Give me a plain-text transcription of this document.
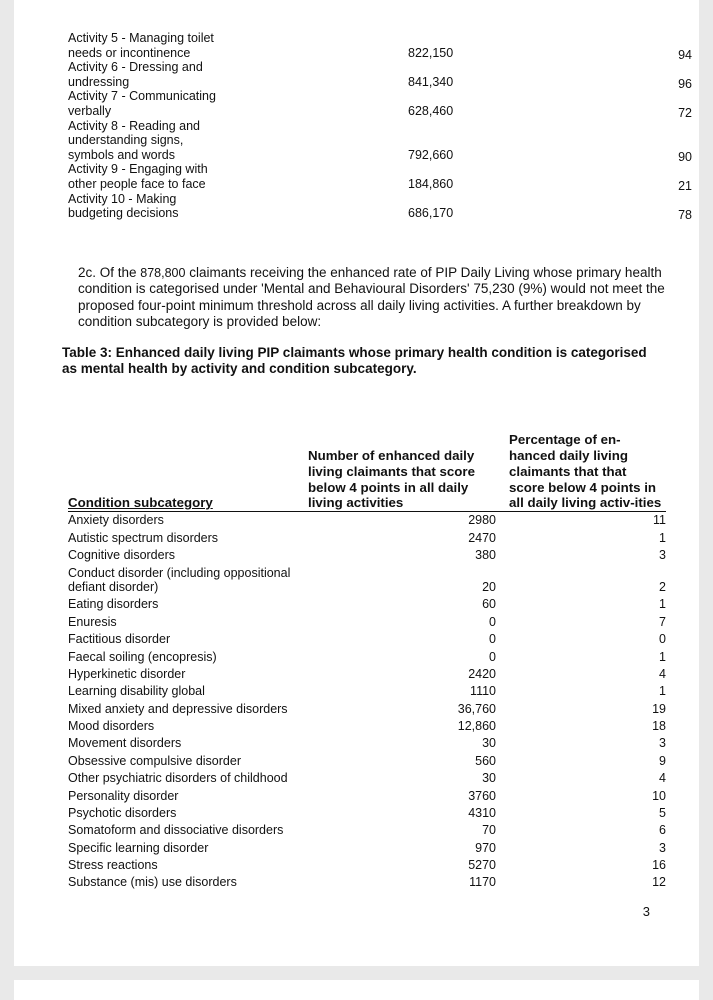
Activity 5 - Managing toilet needs or incontinence	822,150	94
Activity 6 - Dressing and undressing	841,340	96
Activity 7 - Communicating verbally	628,460	72
Activity 8 - Reading and understanding signs, symbols and words	792,660	90
Activity 9 - Engaging with other people face to face	184,860	21
Activity 10 - Making budgeting decisions	686,170	78

2c. Of the 878,800 claimants receiving the enhanced rate of PIP Daily Living whose primary health condition is categorised under 'Mental and Behavioural Disorders' 75,230 (9%) would not meet the proposed four-point minimum threshold across all daily living activities. A further breakdown by condition subcategory is provided below:

Table 3: Enhanced daily living PIP claimants whose primary health condition is categorised as mental health by activity and condition subcategory.

Condition subcategory
Number of enhanced daily living claimants that score below 4 points in all daily living activities
Percentage of en-hanced daily living claimants that that score below 4 points in all daily living activ-ities
Anxiety disorders	2980	11
Autistic spectrum disorders	2470	1
Cognitive disorders	380	3
Conduct disorder (including oppositional defiant disorder)	20	2
Eating disorders	60	1
Enuresis	0	7
Factitious disorder	0	0
Faecal soiling (encopresis)	0	1
Hyperkinetic disorder	2420	4
Learning disability global	1110	1
Mixed anxiety and depressive disorders	36,760	19
Mood disorders	12,860	18
Movement disorders	30	3
Obsessive compulsive disorder	560	9
Other psychiatric disorders of childhood	30	4
Personality disorder	3760	10
Psychotic disorders	4310	5
Somatoform and dissociative disorders	70	6
Specific learning disorder	970	3
Stress reactions	5270	16
Substance (mis) use disorders	1170	12
3
